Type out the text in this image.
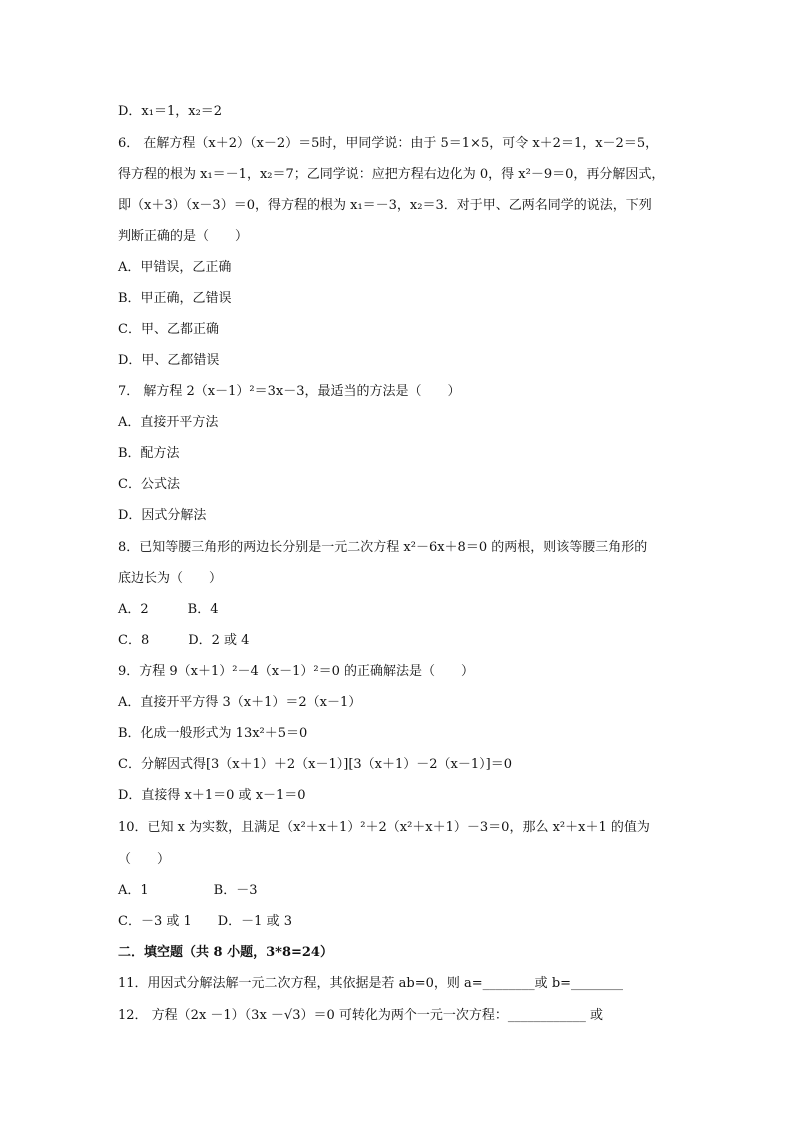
D．x₁＝1，x₂＝2
6． 在解方程（x＋2）（x－2）＝5时，甲同学说：由于 5＝1×5，可令 x＋2＝1，x－2＝5，
得方程的根为 x₁＝－1，x₂＝7；乙同学说：应把方程右边化为 0，得 x²－9＝0，再分解因式，
即（x＋3）（x－3）＝0，得方程的根为 x₁＝－3，x₂＝3．对于甲、乙两名同学的说法，下列
判断正确的是（　　）
A．甲错误，乙正确
B．甲正确，乙错误
C．甲、乙都正确
D．甲、乙都错误
7． 解方程 2（x－1）²＝3x－3，最适当的方法是（　　）
A．直接开平方法
B．配方法
C．公式法
D．因式分解法
8．已知等腰三角形的两边长分别是一元二次方程 x²－6x＋8＝0 的两根，则该等腰三角形的
底边长为（　　）
A．2　　　B．4
C．8　　　D．2 或 4
9．方程 9（x＋1）²－4（x－1）²＝0 的正确解法是（　　）
A．直接开平方得 3（x＋1）＝2（x－1）
B．化成一般形式为 13x²＋5＝0
C．分解因式得[3（x＋1）＋2（x－1）][3（x＋1）－2（x－1）]＝0
D．直接得 x＋1＝0 或 x－1＝0
10．已知 x 为实数，且满足（x²＋x＋1）²＋2（x²＋x＋1）－3＝0，那么 x²＋x＋1 的值为
（　　）
A．1　　　　　B．－3
C．－3 或 1　　D．－1 或 3
二．填空题（共 8 小题，3*8=24）
11．用因式分解法解一元二次方程，其依据是若 ab=0，则 a=________或 b=________
12． 方程（2x －1）（3x －√3）＝0 可转化为两个一元一次方程：____________ 或
